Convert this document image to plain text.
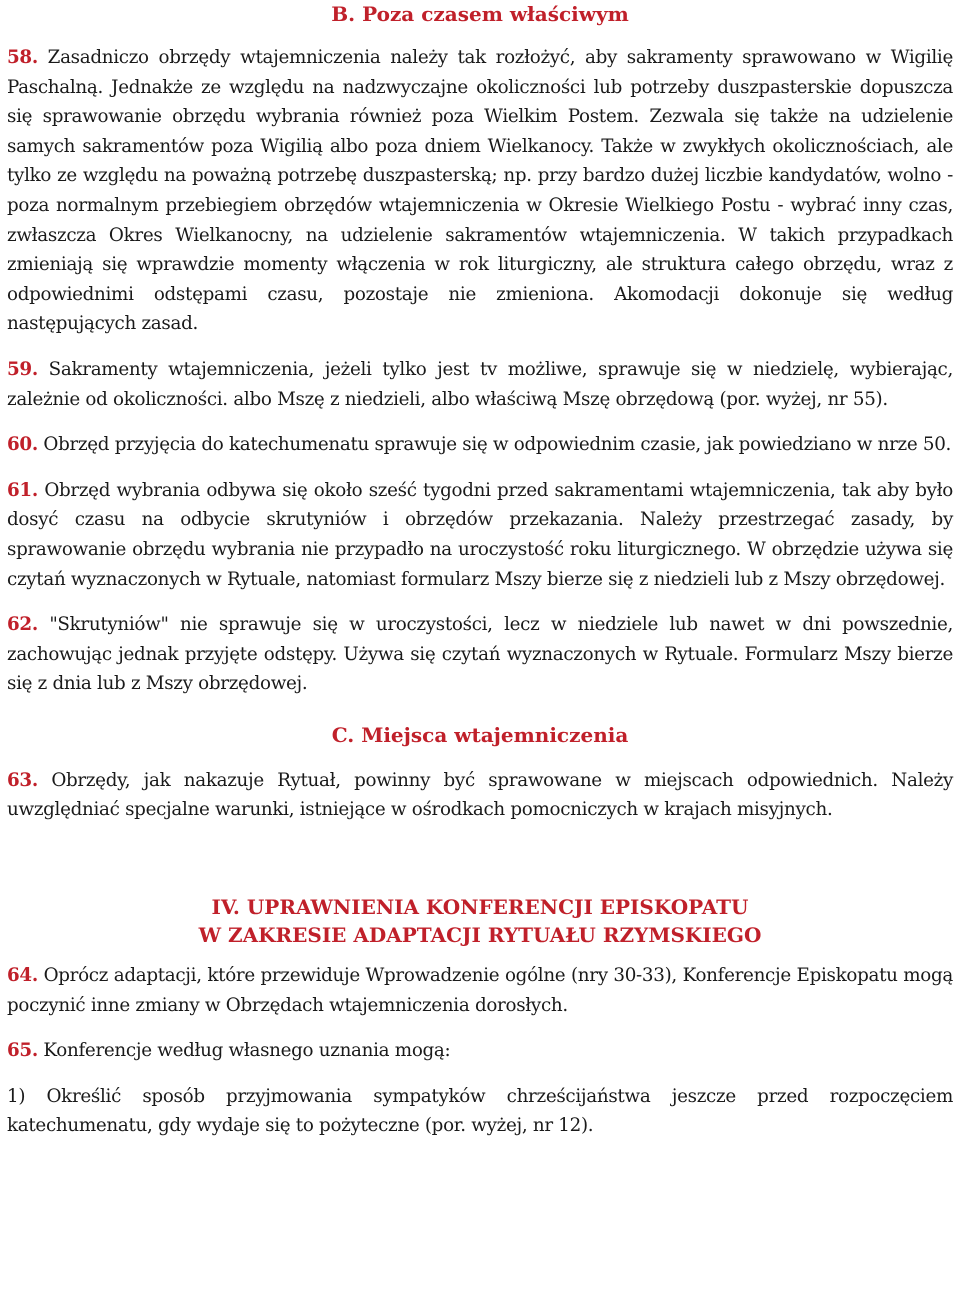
B. Poza czasem właściwym

58. Zasadniczo obrzędy wtajemniczenia należy tak rozłożyć, aby sakramenty sprawowano w Wigilię Paschalną. Jednakże ze względu na nadzwyczajne okoliczności lub potrzeby duszpasterskie dopuszcza się sprawowanie obrzędu wybrania również poza Wielkim Postem. Zezwala się także na udzielenie samych sakramentów poza Wigilią albo poza dniem Wielkanocy. Także w zwykłych okolicznościach, ale tylko ze względu na poważną potrzebę duszpasterską; np. przy bardzo dużej liczbie kandydatów, wolno - poza normalnym przebiegiem obrzędów wtajemniczenia w Okresie Wielkiego Postu - wybrać inny czas, zwłaszcza Okres Wielkanocny, na udzielenie sakramentów wtajemniczenia. W takich przypadkach zmieniają się wprawdzie momenty włączenia w rok liturgiczny, ale struktura całego obrzędu, wraz z odpowiednimi odstępami czasu, pozostaje nie zmieniona. Akomodacji dokonuje się według następujących zasad.

59. Sakramenty wtajemniczenia, jeżeli tylko jest tv możliwe, sprawuje się w niedzielę, wybierając, zależnie od okoliczności. albo Mszę z niedzieli, albo właściwą Mszę obrzędową (por. wyżej, nr 55).

60. Obrzęd przyjęcia do katechumenatu sprawuje się w odpowiednim czasie, jak powiedziano w nrze 50.

61. Obrzęd wybrania odbywa się około sześć tygodni przed sakramentami wtajemniczenia, tak aby było dosyć czasu na odbycie skrutyniów i obrzędów przekazania. Należy przestrzegać zasady, by sprawowanie obrzędu wybrania nie przypadło na uroczystość roku liturgicznego. W obrzędzie używa się czytań wyznaczonych w Rytuale, natomiast formularz Mszy bierze się z niedzieli lub z Mszy obrzędowej.

62. "Skrutyniów" nie sprawuje się w uroczystości, lecz w niedziele lub nawet w dni powszednie, zachowując jednak przyjęte odstępy. Używa się czytań wyznaczonych w Rytuale. Formularz Mszy bierze się z dnia lub z Mszy obrzędowej.

C. Miejsca wtajemniczenia

63. Obrzędy, jak nakazuje Rytuał, powinny być sprawowane w miejscach odpowiednich. Należy uwzględniać specjalne warunki, istniejące w ośrodkach pomocniczych w krajach misyjnych.

IV. UPRAWNIENIA KONFERENCJI EPISKOPATU
W ZAKRESIE ADAPTACJI RYTUAŁU RZYMSKIEGO

64. Oprócz adaptacji, które przewiduje Wprowadzenie ogólne (nry 30-33), Konferencje Episkopatu mogą poczynić inne zmiany w Obrzędach wtajemniczenia dorosłych.

65. Konferencje według własnego uznania mogą:

1) Określić sposób przyjmowania sympatyków chrześcijaństwa jeszcze przed rozpoczęciem katechumenatu, gdy wydaje się to pożyteczne (por. wyżej, nr 12).
